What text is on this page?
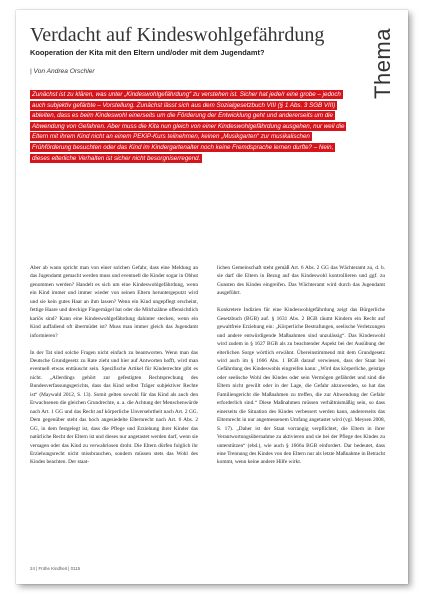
Verdacht auf Kindeswohlgefährdung
Kooperation der Kita mit den Eltern und/oder mit dem Jugendamt?
| Von Andrea Orschler	Thema
Zunächst ist zu klären, was unter „Kindeswohlgefährdung“ zu verstehen ist. Sicher hat jede/r eine grobe – jedoch auch subjektiv gefärbte – Vorstellung. Zunächst lässt sich aus dem Sozialgesetzbuch VIII (§ 1 Abs. 3 SGB VIII) ableiten, dass es beim Kindeswohl einerseits um die Förderung der Entwicklung geht und andererseits um die Abwendung von Gefahren. Aber muss die Kita nun gleich von einer Kindeswohlgefährdung ausgehen, nur weil die Eltern mit ihrem Kind nicht an einem PEKiP-Kurs teilnehmen, keinen „Musikgarten“ zur musikalischen Frühförderung besuchten oder das Kind im Kindergartenalter noch keine Fremdsprache lernen durfte? – Nein, dieses elterliche Verhalten ist sicher nicht besorgniserregend.

Aber ab wann spricht man von einer solchen Gefahr, dass eine Meldung an das Jugendamt gemacht werden muss und eventuell die Kinder sogar in Obhut genommen werden? Handelt es sich um eine Kindeswohlgefährdung, wenn ein Kind immer und immer wieder von seinen Eltern heruntergeputzt wird und sie kein gutes Haar an ihm lassen? Wenn ein Kind ungepflegt erscheint, fettige Haare und dreckige Fingernägel hat oder die Milchzähne offensichtlich kariös sind? Kann eine Kindeswohlgefährdung dahinter stecken, wenn ein Kind auffallend oft übermüdet ist? Muss man immer gleich das Jugendamt informieren?

In der Tat sind solche Fragen nicht einfach zu beantworten. Wenn man das Deutsche Grundgesetz zu Rate zieht und hier auf Antworten hofft, wird man eventuell etwas enttäuscht sein. Spezifische Artikel für Kinderrechte gibt es nicht. „Allerdings gehört zur gefestigten Rechtsprechung des Bundesverfassungsgerichts, dass das Kind selbst Träger subjektiver Rechte ist“ (Maywald 2012, S. 13). Somit gelten sowohl für das Kind als auch den Erwachsenen die gleichen Grundrechte, u. a. die Achtung der Menschenwürde nach Art. 1 GG und das Recht auf körperliche Unversehrtheit nach Art. 2 GG. Dem gegenüber steht das hoch angesiedelte Elternrecht nach Art. 6 Abs. 2 GG, in dem festgelegt ist, dass die Pflege und Erziehung ihrer Kinder das natürliche Recht der Eltern ist und dieses nur angetastet werden darf, wenn sie versagen oder das Kind zu verwahrlosen droht. Die Eltern dürfen folglich ihr Erziehungsrecht nicht missbrauchen, sondern müssen stets das Wohl des Kindes beachten. Der staat-

lichen Gemeinschaft steht gemäß Art. 6 Abs. 2 GG das Wächteramt zu, d. h. sie darf die Eltern in Bezug auf das Kindeswohl kontrollieren und ggf. zu Gunsten des Kindes eingreifen. Das Wächteramt wird durch das Jugendamt ausgeführt.

Konkretere Indizien für eine Kindeswohlgefährdung zeigt das Bürgerliche Gesetzbuch (BGB) auf. § 1631 Abs. 2 BGB räumt Kindern ein Recht auf gewaltfreie Erziehung ein: „Körperliche Bestrafungen, seelische Verletzungen und andere entwürdigende Maßnahmen sind unzulässig“. Das Kindeswohl wird zudem in § 1627 BGB als zu beachtender Aspekt bei der Ausübung der elterlichen Sorge wörtlich erwähnt. Übereinstimmend mit dem Grundgesetz wird auch im § 1666 Abs. 1 BGB darauf verwiesen, dass der Staat bei Gefährdung des Kindeswohls eingreifen kann: „Wird das körperliche, geistige oder seelische Wohl des Kindes oder sein Vermögen gefährdet und sind die Eltern nicht gewillt oder in der Lage, die Gefahr abzuwenden, so hat das Familiengericht die Maßnahmen zu treffen, die zur Abwendung der Gefahr erforderlich sind.“ Diese Maßnahmen müssen verhältnismäßig sein, so dass einerseits die Situation des Kindes verbessert werden kann, andererseits das Elternrecht in nur angemessenem Umfang angetastet wird (vgl. Meysen 2008, S. 17). „Daher ist der Staat vorrangig verpflichtet, die Eltern in ihrer Verantwortungsübernahme zu aktivieren und sie bei der Pflege des Kindes zu unterstützen“ (ebd.), wie auch § 1666a BGB einfordert. Dar bedeutet, dass eine Trennung des Kindes von den Eltern nur als letzte Maßnahme in Betracht kommt, wenn keine andere Hilfe wirkt.

24 | Frühe Kindheit | 0115
